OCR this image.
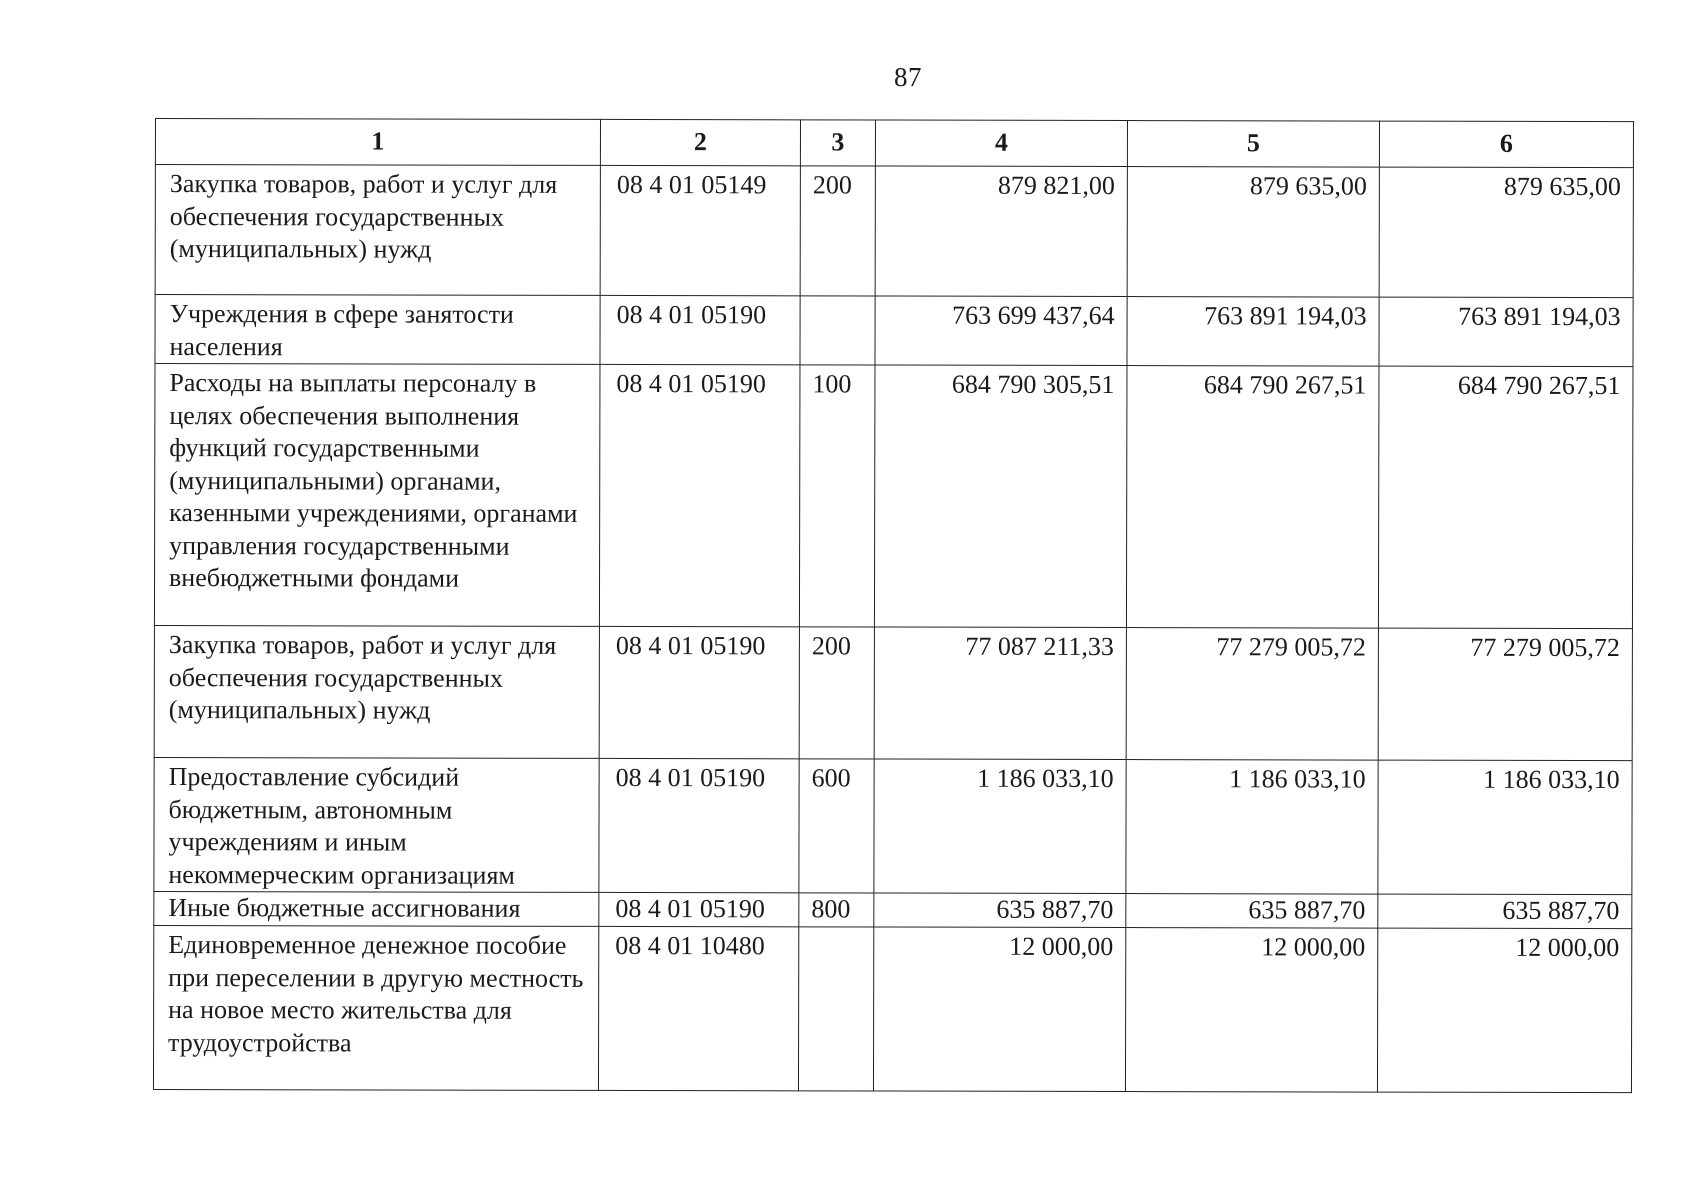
87
1	2	3	4	5	6
Закупка товаров, работ и услуг для обеспечения государственных (муниципальных) нужд	08 4 01 05149	200	879 821,00	879 635,00	879 635,00
Учреждения в сфере занятости населения	08 4 01 05190		763 699 437,64	763 891 194,03	763 891 194,03
Расходы на выплаты персоналу в целях обеспечения выполнения функций государственными (муниципальными) органами, казенными учреждениями, органами управления государственными внебюджетными фондами	08 4 01 05190	100	684 790 305,51	684 790 267,51	684 790 267,51
Закупка товаров, работ и услуг для обеспечения государственных (муниципальных) нужд	08 4 01 05190	200	77 087 211,33	77 279 005,72	77 279 005,72
Предоставление субсидий бюджетным, автономным учреждениям и иным некоммерческим организациям	08 4 01 05190	600	1 186 033,10	1 186 033,10	1 186 033,10
Иные бюджетные ассигнования	08 4 01 05190	800	635 887,70	635 887,70	635 887,70
Единовременное денежное пособие при переселении в другую местность на новое место жительства для трудоустройства	08 4 01 10480		12 000,00	12 000,00	12 000,00
